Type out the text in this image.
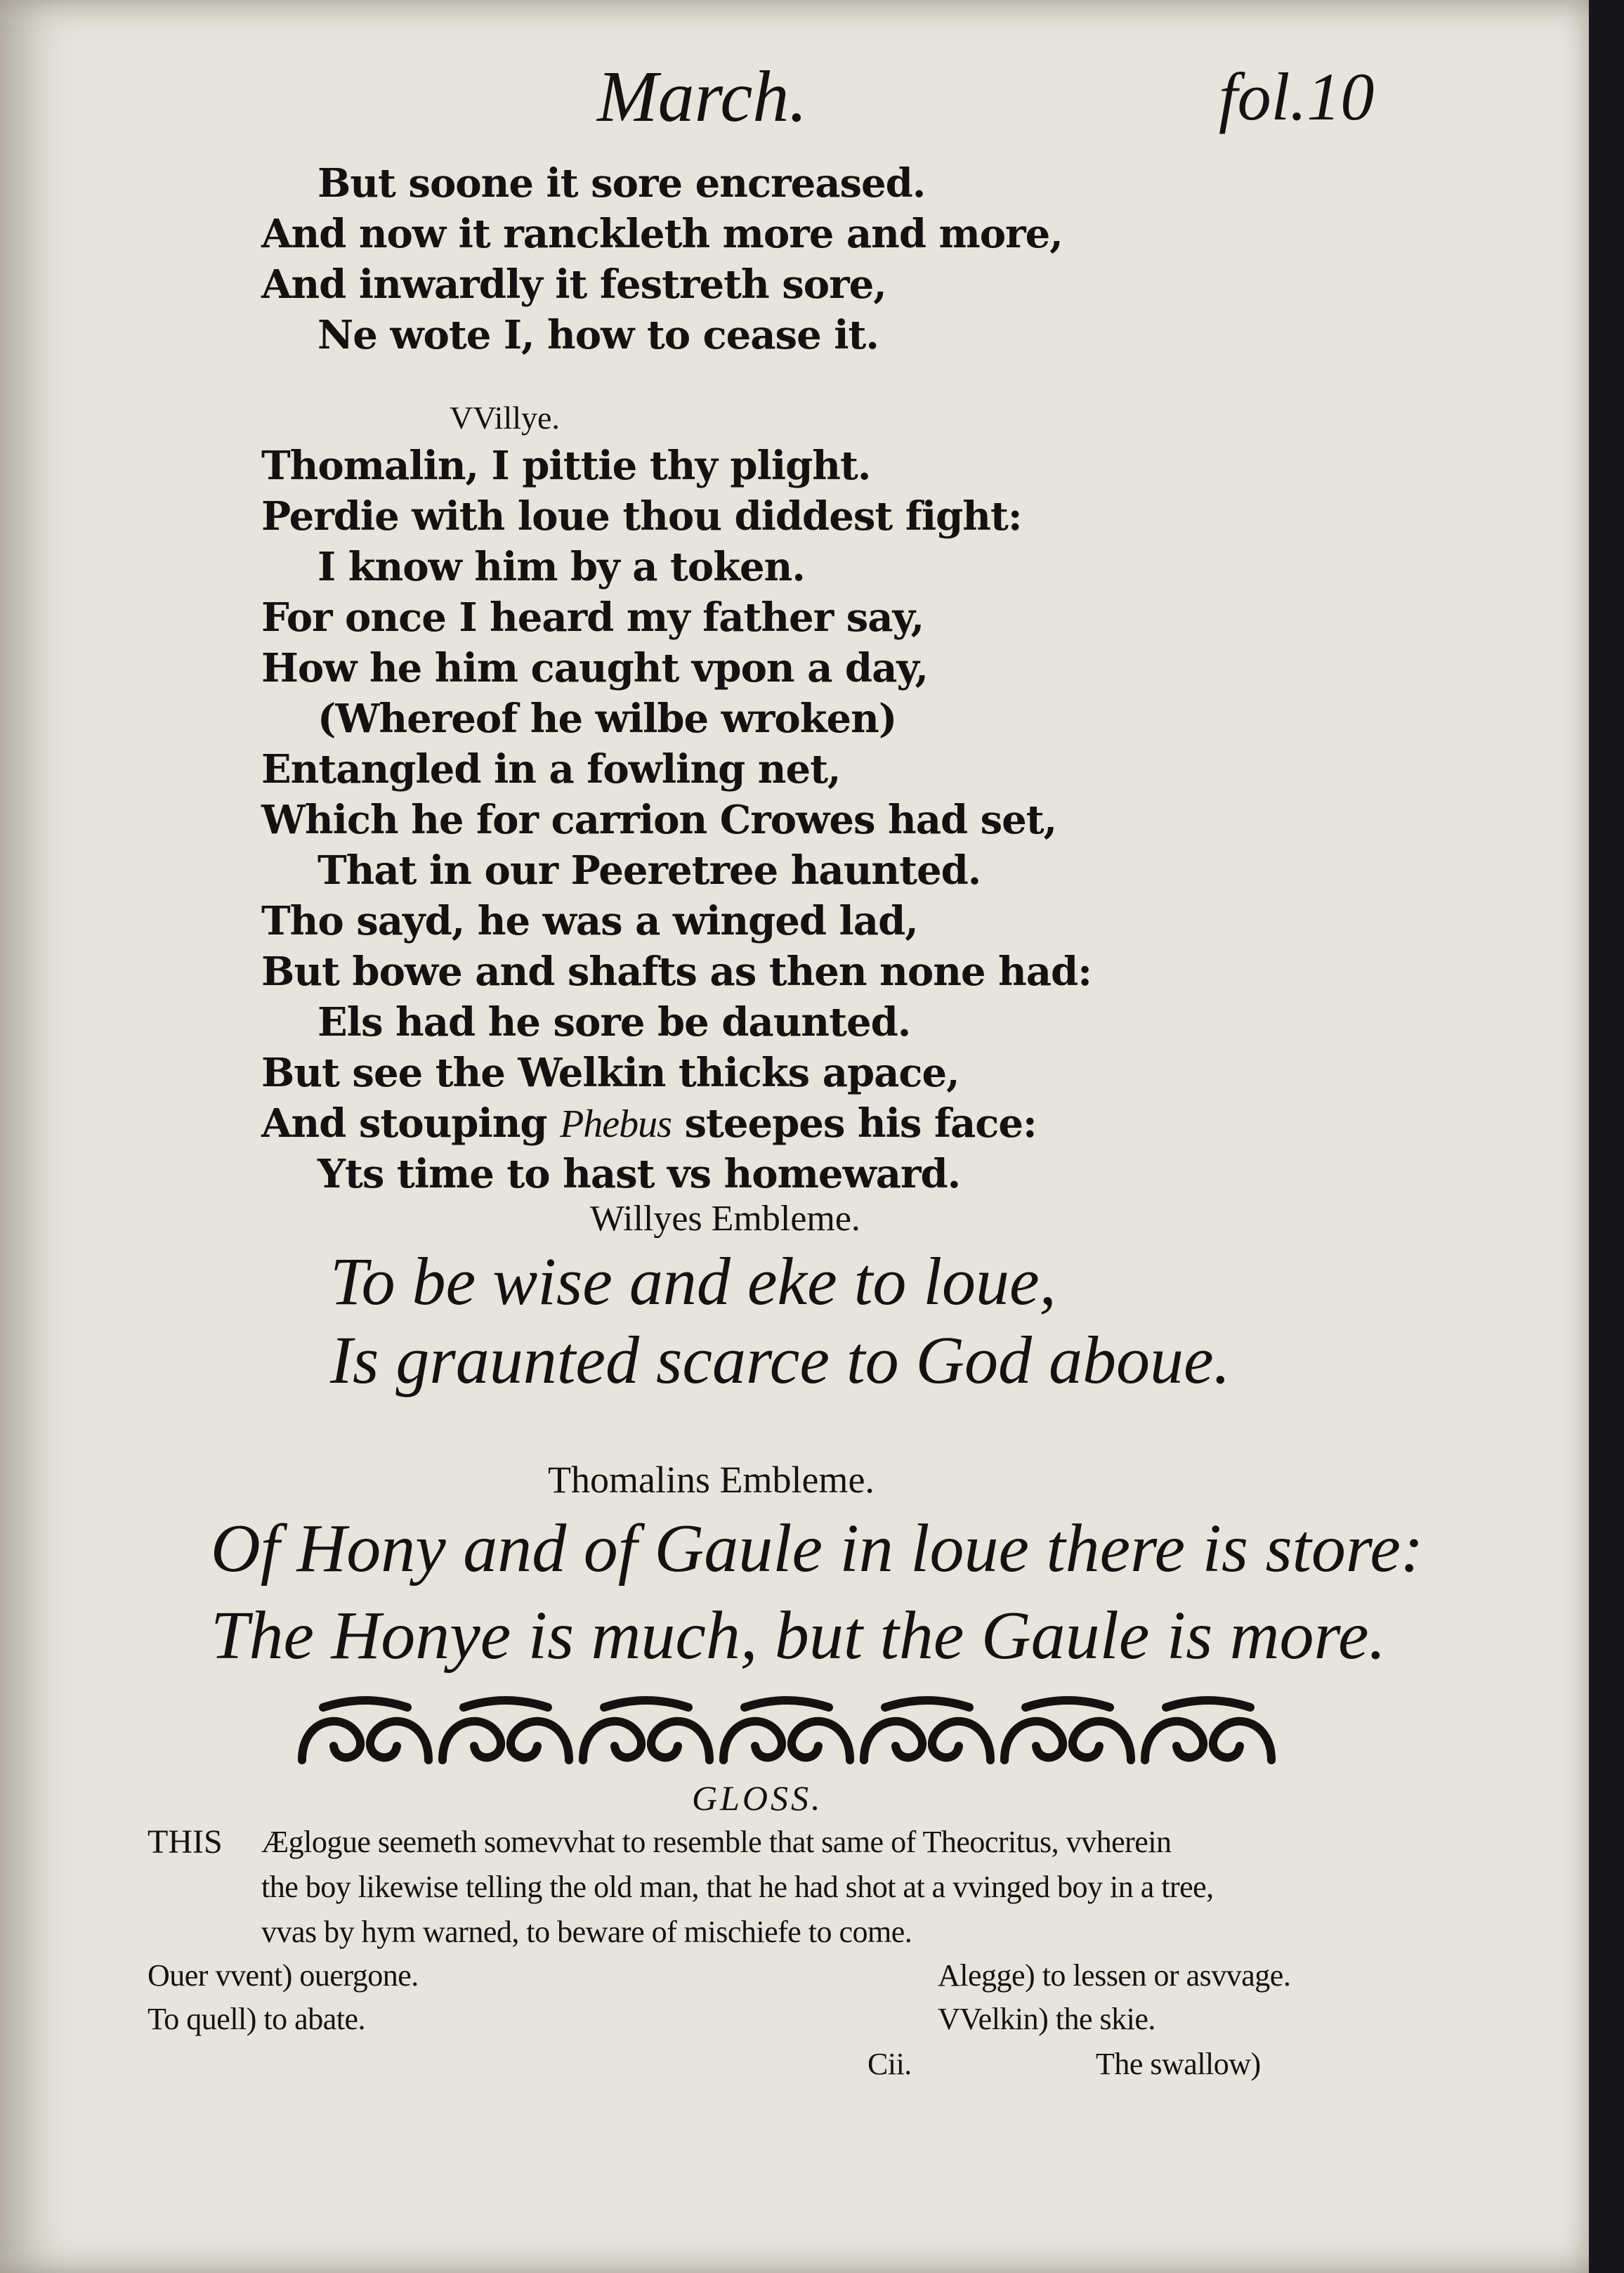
March.	fol.10
But soone it sore encreased.
And now it ranckleth more and more,
And inwardly it festreth sore,
Ne wote I, how to cease it.
VVillye.
Thomalin, I pittie thy plight.
Perdie with loue thou diddest fight:
I know him by a token.
For once I heard my father say,
How he him caught vpon a day,
(Whereof he wilbe wroken)
Entangled in a fowling net,
Which he for carrion Crowes had set,
That in our Peeretree haunted.
Tho sayd, he was a winged lad,
But bowe and shafts as then none had:
Els had he sore be daunted.
But see the Welkin thicks apace,
And stouping Phebus steepes his face:
Yts time to hast vs homeward.
Willyes Embleme.
To be wise and eke to loue,
Is graunted scarce to God aboue.
Thomalins Embleme.
Of Hony and of Gaule in loue there is store:
The Honye is much, but the Gaule is more.
GLOSS.
THIS Æglogue seemeth somevvhat to resemble that same of Theocritus, vvherein
the boy likewise telling the old man, that he had shot at a vvinged boy in a tree,
vvas by hym warned, to beware of mischiefe to come.
Ouer vvent) ouergone.	Alegge) to lessen or asvvage.
To quell) to abate.	VVelkin) the skie.
Cii.	The swallow)
